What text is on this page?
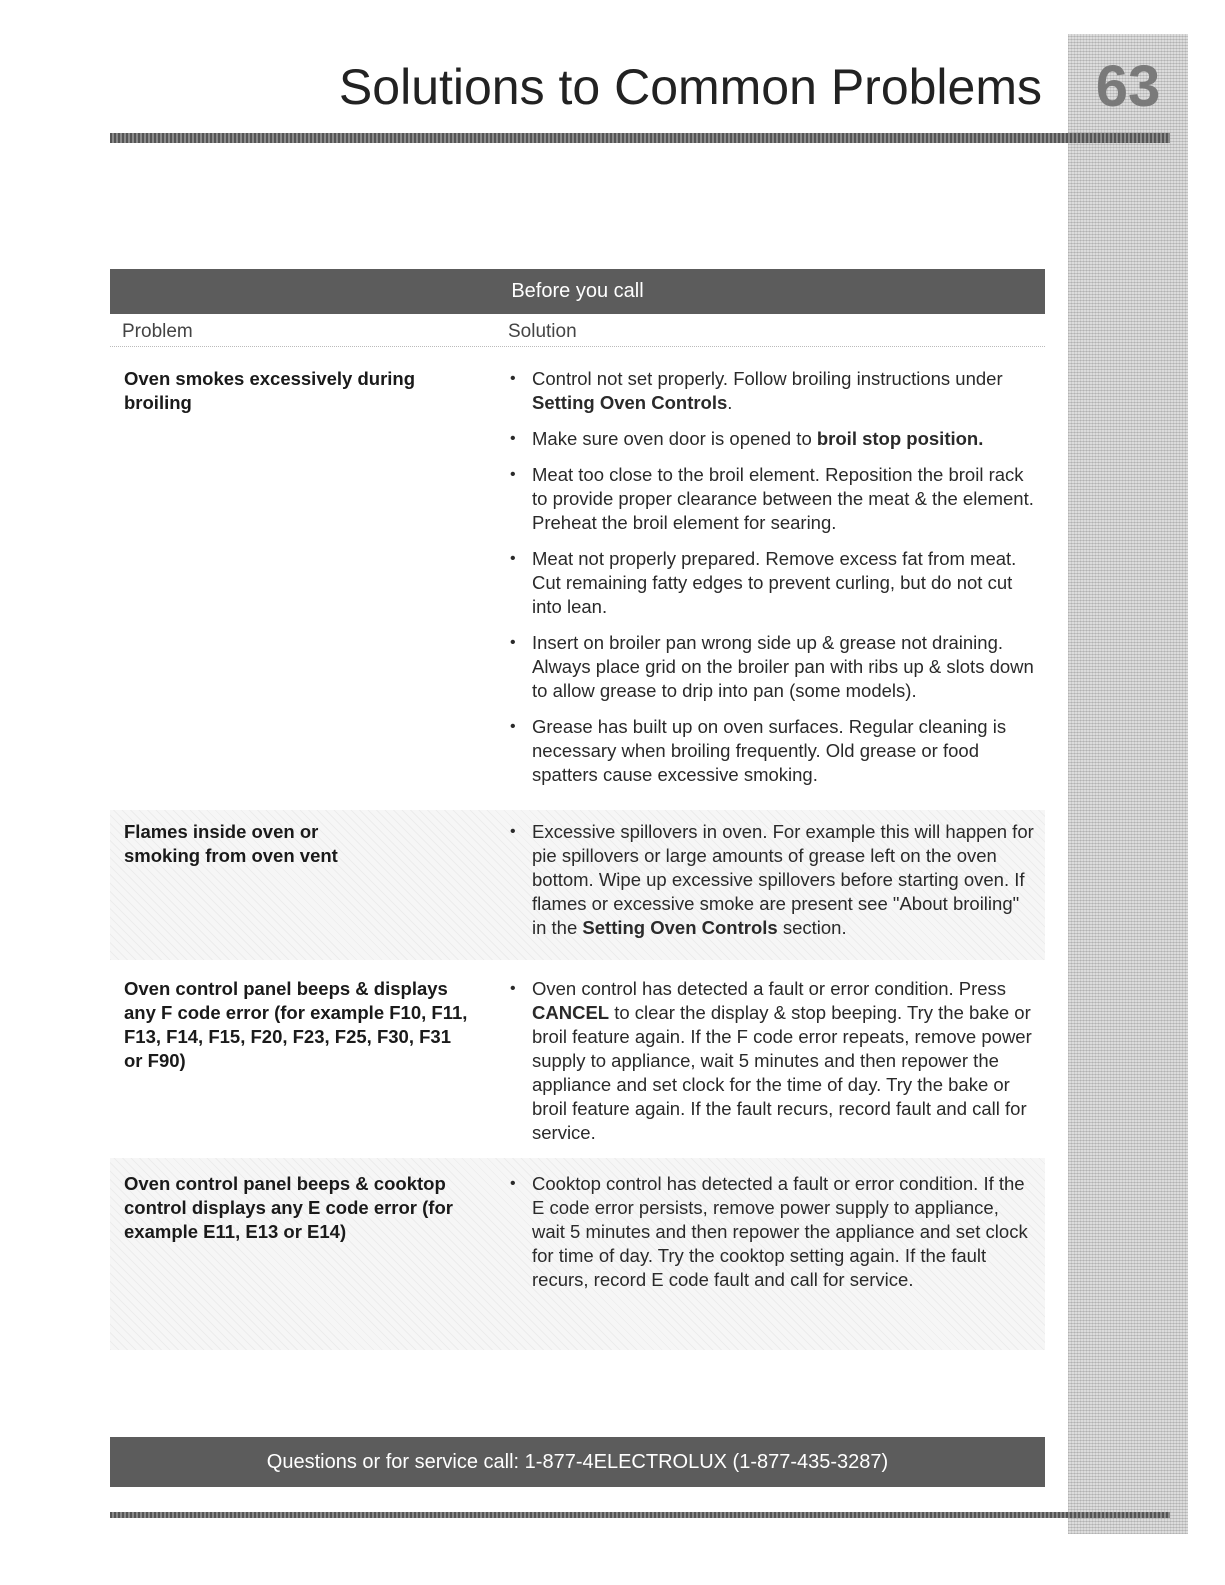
63
Solutions to Common Problems
Before you call
Problem	Solution
Oven smokes excessively during broiling
• Control not set properly. Follow broiling instructions under Setting Oven Controls.
• Make sure oven door is opened to broil stop position.
• Meat too close to the broil element. Reposition the broil rack to provide proper clearance between the meat & the element. Preheat the broil element for searing.
• Meat not properly prepared. Remove excess fat from meat. Cut remaining fatty edges to prevent curling, but do not cut into lean.
• Insert on broiler pan wrong side up & grease not draining. Always place grid on the broiler pan with ribs up & slots down to allow grease to drip into pan (some models).
• Grease has built up on oven surfaces. Regular cleaning is necessary when broiling frequently. Old grease or food spatters cause excessive smoking.
Flames inside oven or smoking from oven vent
• Excessive spillovers in oven. For example this will happen for pie spillovers or large amounts of grease left on the oven bottom. Wipe up excessive spillovers before starting oven. If flames or excessive smoke are present see "About broiling" in the Setting Oven Controls section.
Oven control panel beeps & displays any F code error (for example F10, F11, F13, F14, F15, F20, F23, F25, F30, F31 or F90)
• Oven control has detected a fault or error condition. Press CANCEL to clear the display & stop beeping. Try the bake or broil feature again. If the F code error repeats, remove power supply to appliance, wait 5 minutes and then repower the appliance and set clock for the time of day. Try the bake or broil feature again. If the fault recurs, record fault and call for service.
Oven control panel beeps & cooktop control displays any E code error (for example E11, E13 or E14)
• Cooktop control has detected a fault or error condition. If the E code error persists, remove power supply to appliance, wait 5 minutes and then repower the appliance and set clock for time of day. Try the cooktop setting again. If the fault recurs, record E code fault and call for service.
Questions or for service call: 1-877-4ELECTROLUX (1-877-435-3287)
